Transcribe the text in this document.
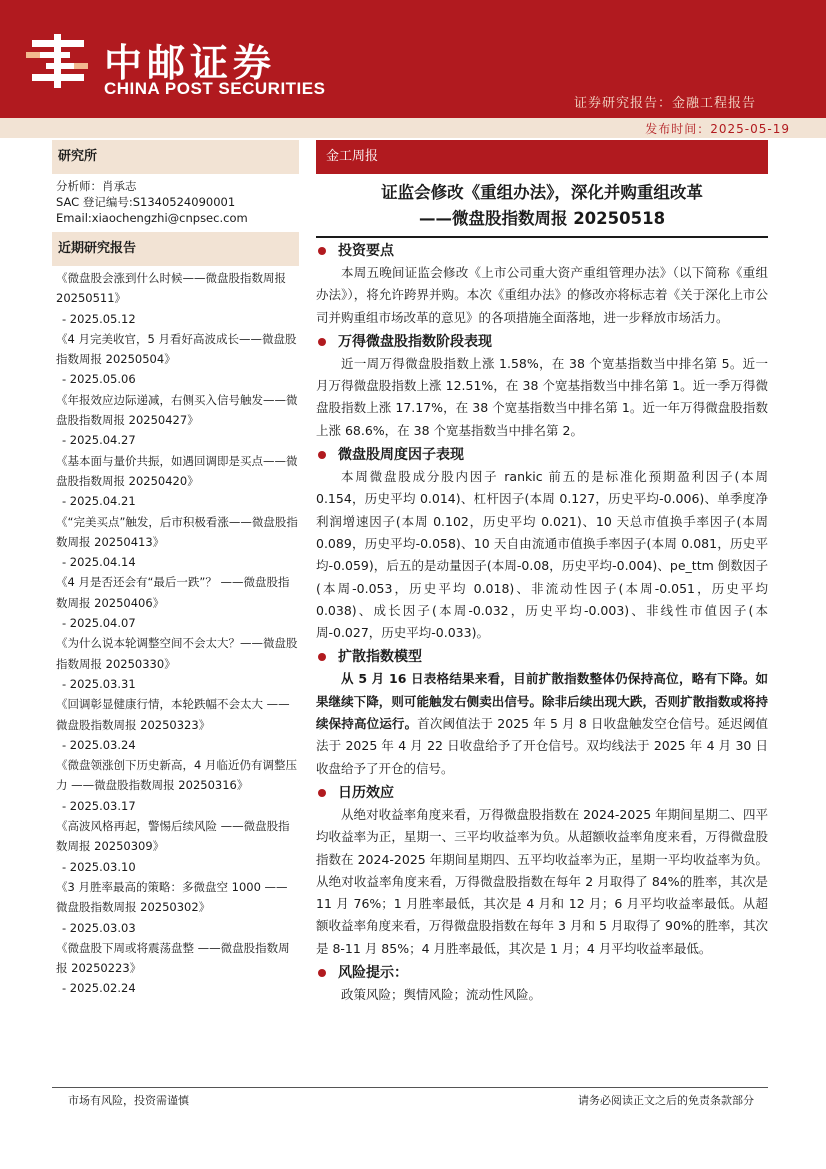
中邮证券
CHINA POST SECURITIES
证券研究报告：金融工程报告
发布时间：2025-05-19
研究所
分析师：肖承志
SAC 登记编号:S1340524090001
Email:xiaochengzhi@cnpsec.com
近期研究报告
《微盘股会涨到什么时候——微盘股指数周报 20250511》
- 2025.05.12
《4 月完美收官，5 月看好高波成长——微盘股指数周报 20250504》
- 2025.05.06
《年报效应边际递减，右侧买入信号触发——微盘股指数周报 20250427》
- 2025.04.27
《基本面与量价共振，如遇回调即是买点——微盘股指数周报 20250420》
- 2025.04.21
《“完美买点”触发，后市积极看涨——微盘股指数周报 20250413》
- 2025.04.14
《4 月是否还会有“最后一跌”？ ——微盘股指数周报 20250406》
- 2025.04.07
《为什么说本轮调整空间不会太大？——微盘股指数周报 20250330》
- 2025.03.31
《回调彰显健康行情，本轮跌幅不会太大 ——微盘股指数周报 20250323》
- 2025.03.24
《微盘领涨创下历史新高，4 月临近仍有调整压力 ——微盘股指数周报 20250316》
- 2025.03.17
《高波风格再起，警惕后续风险 ——微盘股指数周报 20250309》
- 2025.03.10
《3 月胜率最高的策略：多微盘空 1000 ——微盘股指数周报 20250302》
- 2025.03.03
《微盘股下周或将震荡盘整 ——微盘股指数周报 20250223》
- 2025.02.24
金工周报
证监会修改《重组办法》，深化并购重组改革
——微盘股指数周报 20250518
投资要点

本周五晚间证监会修改《上市公司重大资产重组管理办法》（以下简称《重组办法》），将允许跨界并购。本次《重组办法》的修改亦将标志着《关于深化上市公司并购重组市场改革的意见》的各项措施全面落地，进一步释放市场活力。

万得微盘股指数阶段表现

近一周万得微盘股指数上涨 1.58%，在 38 个宽基指数当中排名第 5。近一月万得微盘股指数上涨 12.51%，在 38 个宽基指数当中排名第 1。近一季万得微盘股指数上涨 17.17%，在 38 个宽基指数当中排名第 1。近一年万得微盘股指数上涨 68.6%，在 38 个宽基指数当中排名第 2。

微盘股周度因子表现

本周微盘股成分股内因子 rankic 前五的是标准化预期盈利因子(本周 0.154，历史平均 0.014)、杠杆因子(本周 0.127，历史平均-0.006)、单季度净利润增速因子(本周 0.102，历史平均 0.021)、10 天总市值换手率因子(本周 0.089，历史平均-0.058)、10 天自由流通市值换手率因子(本周 0.081，历史平均-0.059)，后五的是动量因子(本周-0.08，历史平均-0.004)、pe_ttm 倒数因子(本周-0.053，历史平均 0.018)、非流动性因子(本周-0.051，历史平均 0.038)、成长因子(本周-0.032，历史平均-0.003)、非线性市值因子(本周-0.027，历史平均-0.033)。

扩散指数模型

从 5 月 16 日表格结果来看，目前扩散指数整体仍保持高位，略有下降。如果继续下降，则可能触发右侧卖出信号。除非后续出现大跌，否则扩散指数或将持续保持高位运行。首次阈值法于 2025 年 5 月 8 日收盘触发空仓信号。延迟阈值法于 2025 年 4 月 22 日收盘给予了开仓信号。双均线法于 2025 年 4 月 30 日收盘给予了开仓的信号。

日历效应

从绝对收益率角度来看，万得微盘股指数在 2024-2025 年期间星期二、四平均收益率为正，星期一、三平均收益率为负。从超额收益率角度来看，万得微盘股指数在 2024-2025 年期间星期四、五平均收益率为正，星期一平均收益率为负。从绝对收益率角度来看，万得微盘股指数在每年 2 月取得了 84%的胜率，其次是 11 月 76%；1 月胜率最低，其次是 4 月和 12 月；6 月平均收益率最低。从超额收益率角度来看，万得微盘股指数在每年 3 月和 5 月取得了 90%的胜率，其次是 8-11 月 85%；4 月胜率最低，其次是 1 月；4 月平均收益率最低。

风险提示：

政策风险；舆情风险；流动性风险。

市场有风险，投资需谨慎	请务必阅读正文之后的免责条款部分
